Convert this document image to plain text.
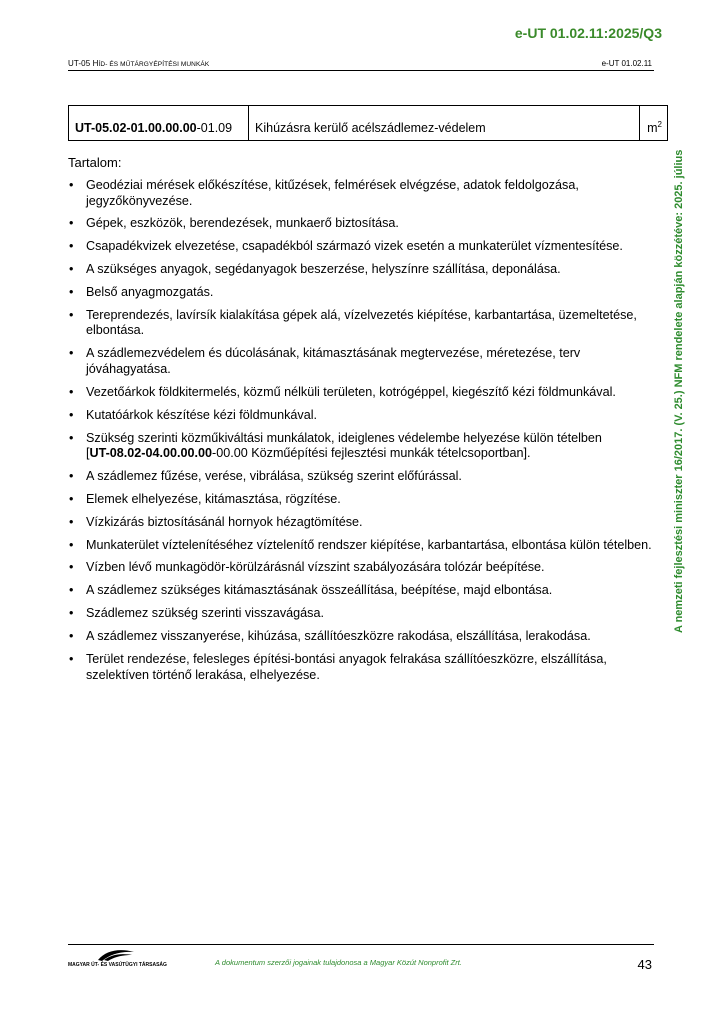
e-UT 01.02.11:2025/Q3
UT-05 HÍD- ÉS MŰTÁRGYÉPÍTÉSI MUNKÁK	e-UT 01.02.11
A nemzeti fejlesztési miniszter 16/2017. (V. 25.) NFM rendelete alapján közzétéve: 2025. július
UT-05.02-01.00.00.00-01.09	Kihúzásra kerülő acélszádlemez-védelem	$m^2$
Tartalom:
• Geodéziai mérések előkészítése, kitűzések, felmérések elvégzése, adatok feldolgozása, jegyzőkönyvezése.
• Gépek, eszközök, berendezések, munkaerő biztosítása.
• Csapadékvizek elvezetése, csapadékból származó vizek esetén a munkaterület vízmentesítése.
• A szükséges anyagok, segédanyagok beszerzése, helyszínre szállítása, deponálása.
• Belső anyagmozgatás.
• Tereprendezés, lavírsík kialakítása gépek alá, vízelvezetés kiépítése, karbantartása, üzemeltetése, elbontása.
• A szádlemezvédelem és dúcolásának, kitámasztásának megtervezése, méretezése, terv jóváhagyatása.
• Vezetőárkok földkitermelés, közmű nélküli területen, kotrógéppel, kiegészítő kézi földmunkával.
• Kutatóárkok készítése kézi földmunkával.
• Szükség szerinti közműkiváltási munkálatok, ideiglenes védelembe helyezése külön tételben
[UT-08.02-04.00.00.00-00.00 Közműépítési fejlesztési munkák tételcsoportban].
• A szádlemez fűzése, verése, vibrálása, szükség szerint előfúrással.
• Elemek elhelyezése, kitámasztása, rögzítése.
• Vízkizárás biztosításánál hornyok hézagtömítése.
• Munkaterület víztelenítéséhez víztelenítő rendszer kiépítése, karbantartása, elbontása külön tételben.
• Vízben lévő munkagödör-körülzárásnál vízszint szabályozására tolózár beépítése.
• A szádlemez szükséges kitámasztásának összeállítása, beépítése, majd elbontása.
• Szádlemez szükség szerinti visszavágása.
• A szádlemez visszanyerése, kihúzása, szállítóeszközre rakodása, elszállítása, lerakodása.
• Terület rendezése, felesleges építési-bontási anyagok felrakása szállítóeszközre, elszállítása, szelektíven történő lerakása, elhelyezése.
MAGYAR ÚT- ÉS VASÚTÜGYI TÁRSASÁG	A dokumentum szerzői jogainak tulajdonosa a Magyar Közút Nonprofit Zrt.	43
